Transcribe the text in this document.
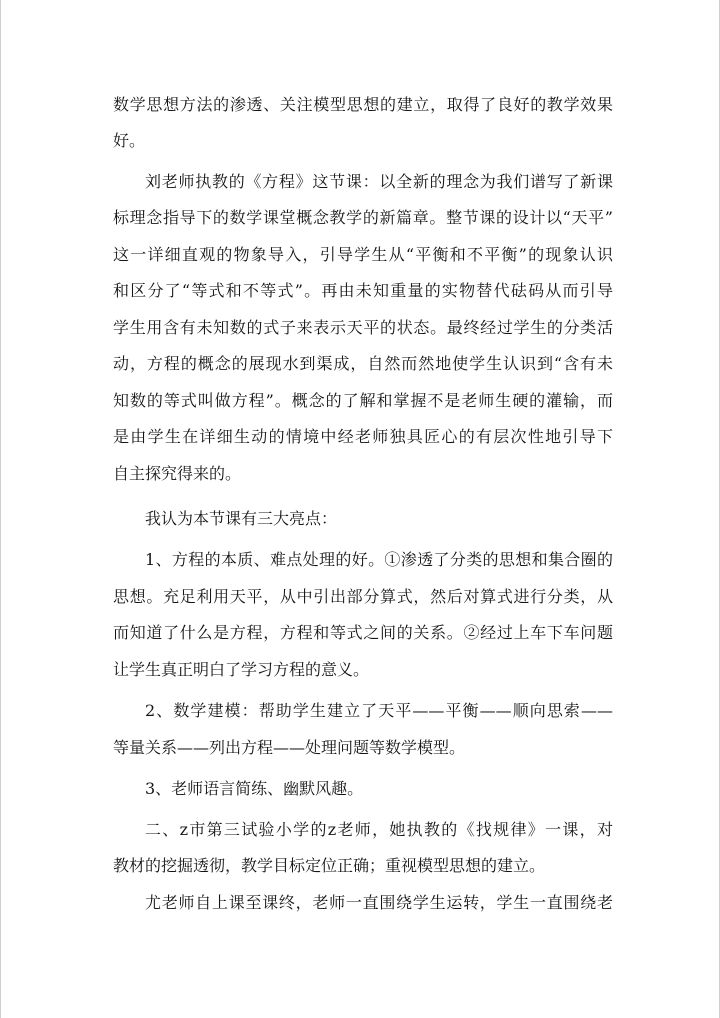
数学思想方法的渗透、关注模型思想的建立，取得了良好的教学效果

好。

刘老师执教的《方程》这节课：以全新的理念为我们谱写了新课

标理念指导下的数学课堂概念教学的新篇章。整节课的设计以“天平”

这一详细直观的物象导入，引导学生从“平衡和不平衡”的现象认识

和区分了“等式和不等式”。再由未知重量的实物替代砝码从而引导

学生用含有未知数的式子来表示天平的状态。最终经过学生的分类活

动，方程的概念的展现水到渠成，自然而然地使学生认识到“含有未

知数的等式叫做方程”。概念的了解和掌握不是老师生硬的灌输，而

是由学生在详细生动的情境中经老师独具匠心的有层次性地引导下

自主探究得来的。

我认为本节课有三大亮点：

1、方程的本质、难点处理的好。①渗透了分类的思想和集合圈的

思想。充足利用天平，从中引出部分算式，然后对算式进行分类，从

而知道了什么是方程，方程和等式之间的关系。②经过上车下车问题

让学生真正明白了学习方程的意义。

2、数学建模：帮助学生建立了天平——平衡——顺向思索——

等量关系——列出方程——处理问题等数学模型。

3、老师语言简练、幽默风趣。

二、z市第三试验小学的z老师，她执教的《找规律》一课，对

教材的挖掘透彻，教学目标定位正确；重视模型思想的建立。

尤老师自上课至课终，老师一直围绕学生运转，学生一直围绕老
